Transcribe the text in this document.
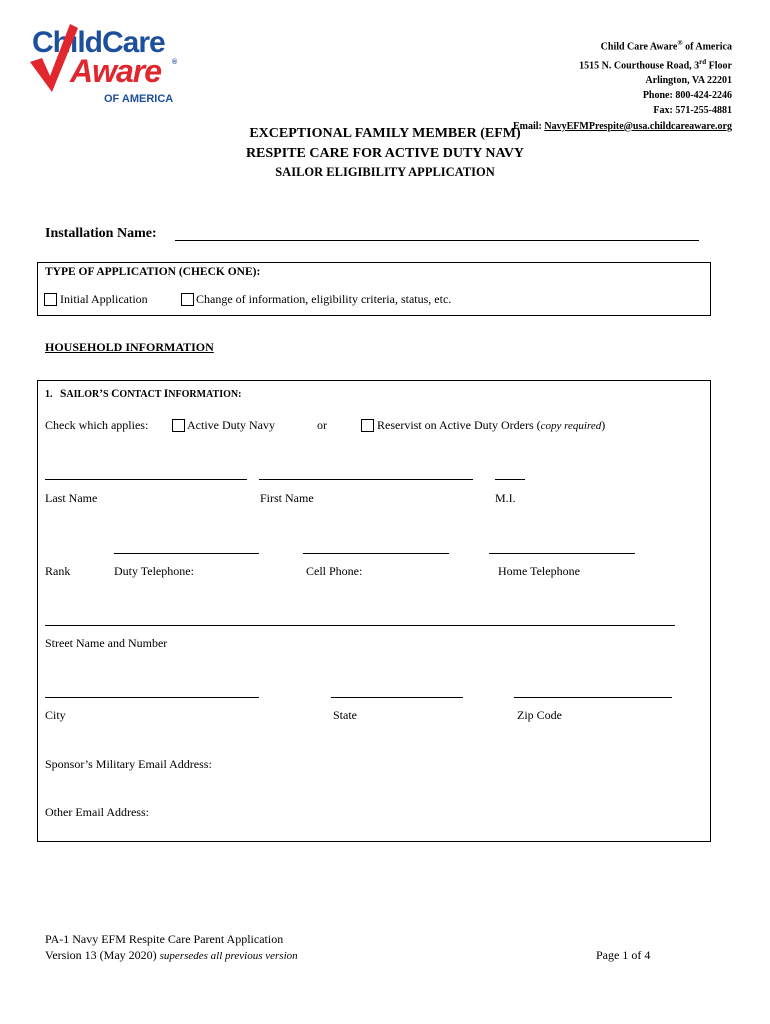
ChildCare
Aware ®
OF AMERICA
Child Care Aware® of America
1515 N. Courthouse Road, 3rd Floor
Arlington, VA 22201
Phone: 800-424-2246
Fax: 571-255-4881
Email: NavyEFMPrespite@usa.childcareaware.org
EXCEPTIONAL FAMILY MEMBER (EFM)
RESPITE CARE FOR ACTIVE DUTY NAVY
SAILOR ELIGIBILITY APPLICATION
Installation Name:
TYPE OF APPLICATION (CHECK ONE):
Initial Application	Change of information, eligibility criteria, status, etc.
HOUSEHOLD INFORMATION
1. SAILOR’S CONTACT INFORMATION:
Check which applies:	Active Duty Navy	or	Reservist on Active Duty Orders (copy required)
Last Name	First Name	M.I.
Rank	Duty Telephone:	Cell Phone:	Home Telephone
Street Name and Number
City	State	Zip Code
Sponsor’s Military Email Address:
Other Email Address:
PA-1 Navy EFM Respite Care Parent Application
Version 13 (May 2020) supersedes all previous version	Page 1 of 4
